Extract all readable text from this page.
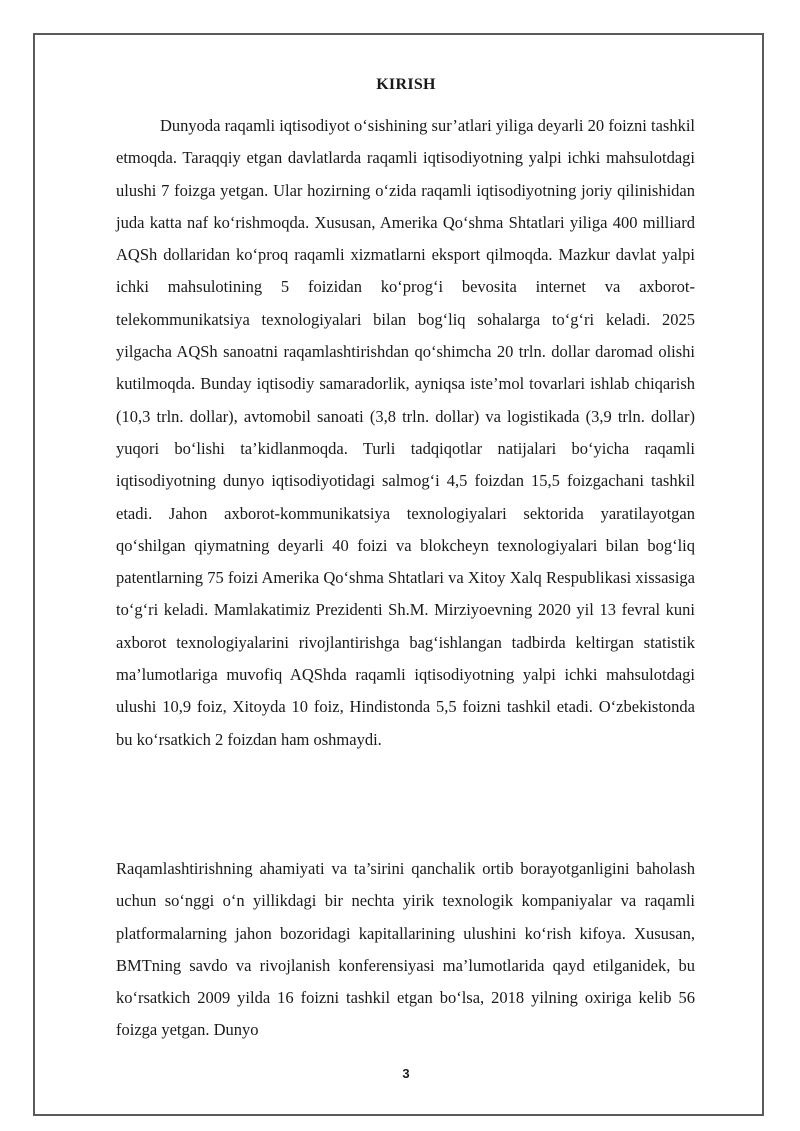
KIRISH
Dunyoda raqamli iqtisodiyot o‘sishining sur’atlari yiliga deyarli 20 foizni tashkil etmoqda. Taraqqiy etgan davlatlarda raqamli iqtisodiyotning yalpi ichki mahsulotdagi ulushi 7 foizga yetgan. Ular hozirning o‘zida raqamli iqtisodiyotning joriy qilinishidan juda katta naf ko‘rishmoqda. Xususan, Amerika Qo‘shma Shtatlari yiliga 400 milliard AQSh dollaridan ko‘proq raqamli xizmatlarni eksport qilmoqda. Mazkur davlat yalpi ichki mahsulotining 5 foizidan ko‘prog‘i bevosita internet va axborot-telekommunikatsiya texnologiyalari bilan bog‘liq sohalarga to‘g‘ri keladi. 2025 yilgacha AQSh sanoatni raqamlashtirishdan qo‘shimcha 20 trln. dollar daromad olishi kutilmoqda. Bunday iqtisodiy samaradorlik, ayniqsa iste’mol tovarlari ishlab chiqarish (10,3 trln. dollar), avtomobil sanoati (3,8 trln. dollar) va logistikada (3,9 trln. dollar) yuqori bo‘lishi ta’kidlanmoqda. Turli tadqiqotlar natijalari bo‘yicha raqamli iqtisodiyotning dunyo iqtisodiyotidagi salmog‘i 4,5 foizdan 15,5 foizgachani tashkil etadi. Jahon axborot-kommunikatsiya texnologiyalari sektorida yaratilayotgan qo‘shilgan qiymatning deyarli 40 foizi va blokcheyn texnologiyalari bilan bog‘liq patentlarning 75 foizi Amerika Qo‘shma Shtatlari va Xitoy Xalq Respublikasi xissasiga to‘g‘ri keladi. Mamlakatimiz Prezidenti Sh.M. Mirziyoevning 2020 yil 13 fevral kuni axborot texnologiyalarini rivojlantirishga bag‘ishlangan tadbirda keltirgan statistik ma’lumotlariga muvofiq AQShda raqamli iqtisodiyotning yalpi ichki mahsulotdagi ulushi 10,9 foiz, Xitoyda 10 foiz, Hindistonda 5,5 foizni tashkil etadi. O‘zbekistonda bu ko‘rsatkich 2 foizdan ham oshmaydi.
Raqamlashtirishning ahamiyati va ta’sirini qanchalik ortib borayotganligini baholash uchun so‘nggi o‘n yillikdagi bir nechta yirik texnologik kompaniyalar va raqamli platformalarning jahon bozoridagi kapitallarining ulushini ko‘rish kifoya. Xususan, BMTning savdo va rivojlanish konferensiyasi ma’lumotlarida qayd etilganidek, bu ko‘rsatkich 2009 yilda 16 foizni tashkil etgan bo‘lsa, 2018 yilning oxiriga kelib 56 foizga yetgan. Dunyo
3
